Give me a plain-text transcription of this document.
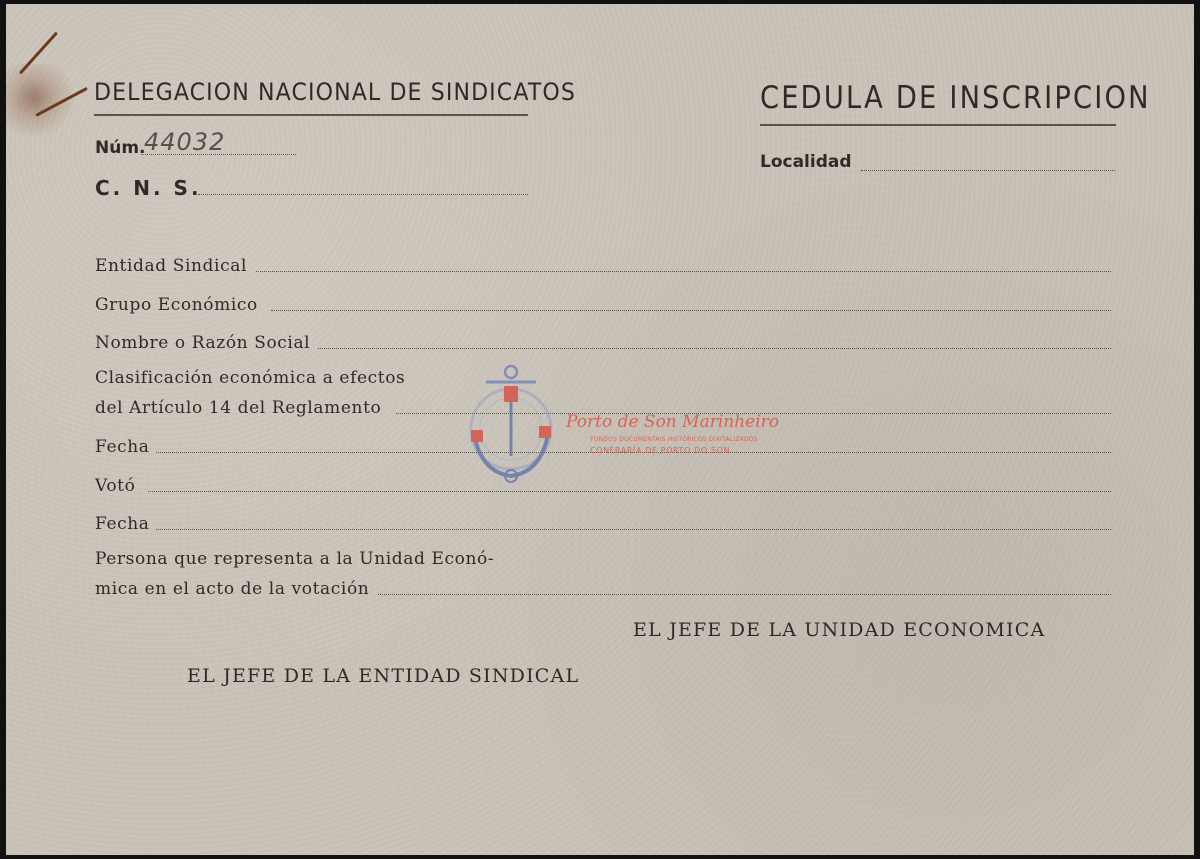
DELEGACION NACIONAL DE SINDICATOS	CEDULA DE INSCRIPCION
Núm.
44032
C. N. S.
Localidad
Entidad Sindical
Grupo Económico
Nombre o Razón Social
Clasificación económica a efectos
del Artículo 14 del Reglamento
Fecha
Votó
Fecha
Persona que representa a la Unidad Econó-
mica en el acto de la votación
EL JEFE DE LA UNIDAD ECONOMICA
EL JEFE DE LA ENTIDAD SINDICAL
Porto de Son Marinheiro
FONDOS DOCUMENTAIS HISTÓRICOS DIXITALIZADOS
CONFRARÍA DE PORTO DO SON
